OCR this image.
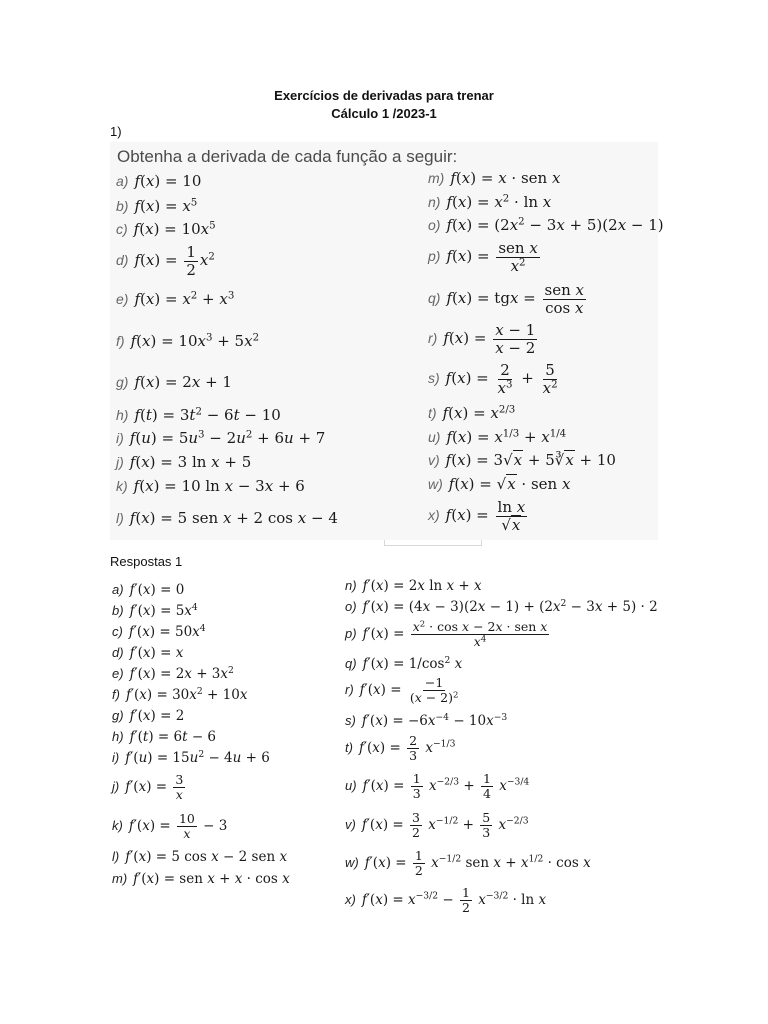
Exercícios de derivadas para trenar
Cálculo 1 /2023-1
1)
Obtenha a derivada de cada função a seguir:
a) f(x) = 10
b) $f(x) = x^5$
c) $f(x) = 10x^5$
d) $f(x) = \frac{1}{2} x^2$
e) $f(x) = x^2 + x^3$
f) $f(x) = 10x^3 + 5x^2$
g) f(x) = 2x + 1
h) $f(t) = 3t^2 - 6t - 10$
i) $f(u) = 5u^3 - 2u^2 + 6u + 7$
j) f(x) = 3 ln x + 5
k) f(x) = 10 ln x − 3x + 6
l) f(x) = 5 sen x + 2 cos x − 4
m) f(x) = x · sen x
n) $f(x) = x^2 \cdot \ln x$
o) $f(x) = (2x^2 - 3x + 5)(2x - 1)$
p) $f(x) = \frac{\text{sen x}}{x^2}$
q) f(x) = tgx = $\frac{\text{sen x}}{\text{cos x}}$
r) $f(x) = \frac{x - 1}{x - 2}$
s) $f(x) = \frac{2}{x^3} + \frac{5}{x^2}$
t) $f(x) = x^{2/3}$
u) $f(x) = x^{1/3} + x^{1/4}$
v) f(x) = 3√x + 5∛x + 10
w) f(x) = √x · sen x
x) $f(x) = \frac{\text{ln x}}{√x}$
Respostas 1
a) f′(x) = 0
b) $f'(x) = 5x^4$
c) $f'(x) = 50x^4$
d) f′(x) = x
e) $f'(x) = 2x + 3x^2$
f) $f'(x) = 30x^2 + 10x$
g) f′(x) = 2
h) f′(t) = 6t − 6
i) $f'(u) = 15u^2 - 4u + 6$
j) $f'(x) = \frac{3}{x}$
k) $f'(x) = \frac{10}{x} - 3$
l) f′(x) = 5 cos x − 2 sen x
m) f′(x) = sen x + x · cos x
n) f′(x) = 2x ln x + x
o) $f'(x) = (4x - 3)(2x - 1) + (2x^2 - 3x + 5) \cdot 2$
p) $f'(x) = \frac{x^2 \cdot \cos x - 2x \cdot sen x}{x^4}$
q) $f'(x) = 1/\cos^2$ x
r) $f'(x) = \frac{-1}{(x - 2)^2}$
s) $f'(x) = -6x^{-4} - 10x^{-3}$
t) $f'(x) = \frac{2}{3} x^{-1/3}$
u) $f'(x) = \frac{1}{3} x^{-2/3} + \frac{1}{4} x^{-3/4}$
v) $f'(x) = \frac{3}{2} x^{-1/2} + \frac{5}{3} x^{-2/3}$
w) $f'(x) = \frac{1}{2} x^{-1/2}$ sen $x + x^{1/2} \cdot \cos x$
x) $f'(x) = x^{-3/2} - \frac{1}{2} x^{-3/2} \cdot \ln x$
